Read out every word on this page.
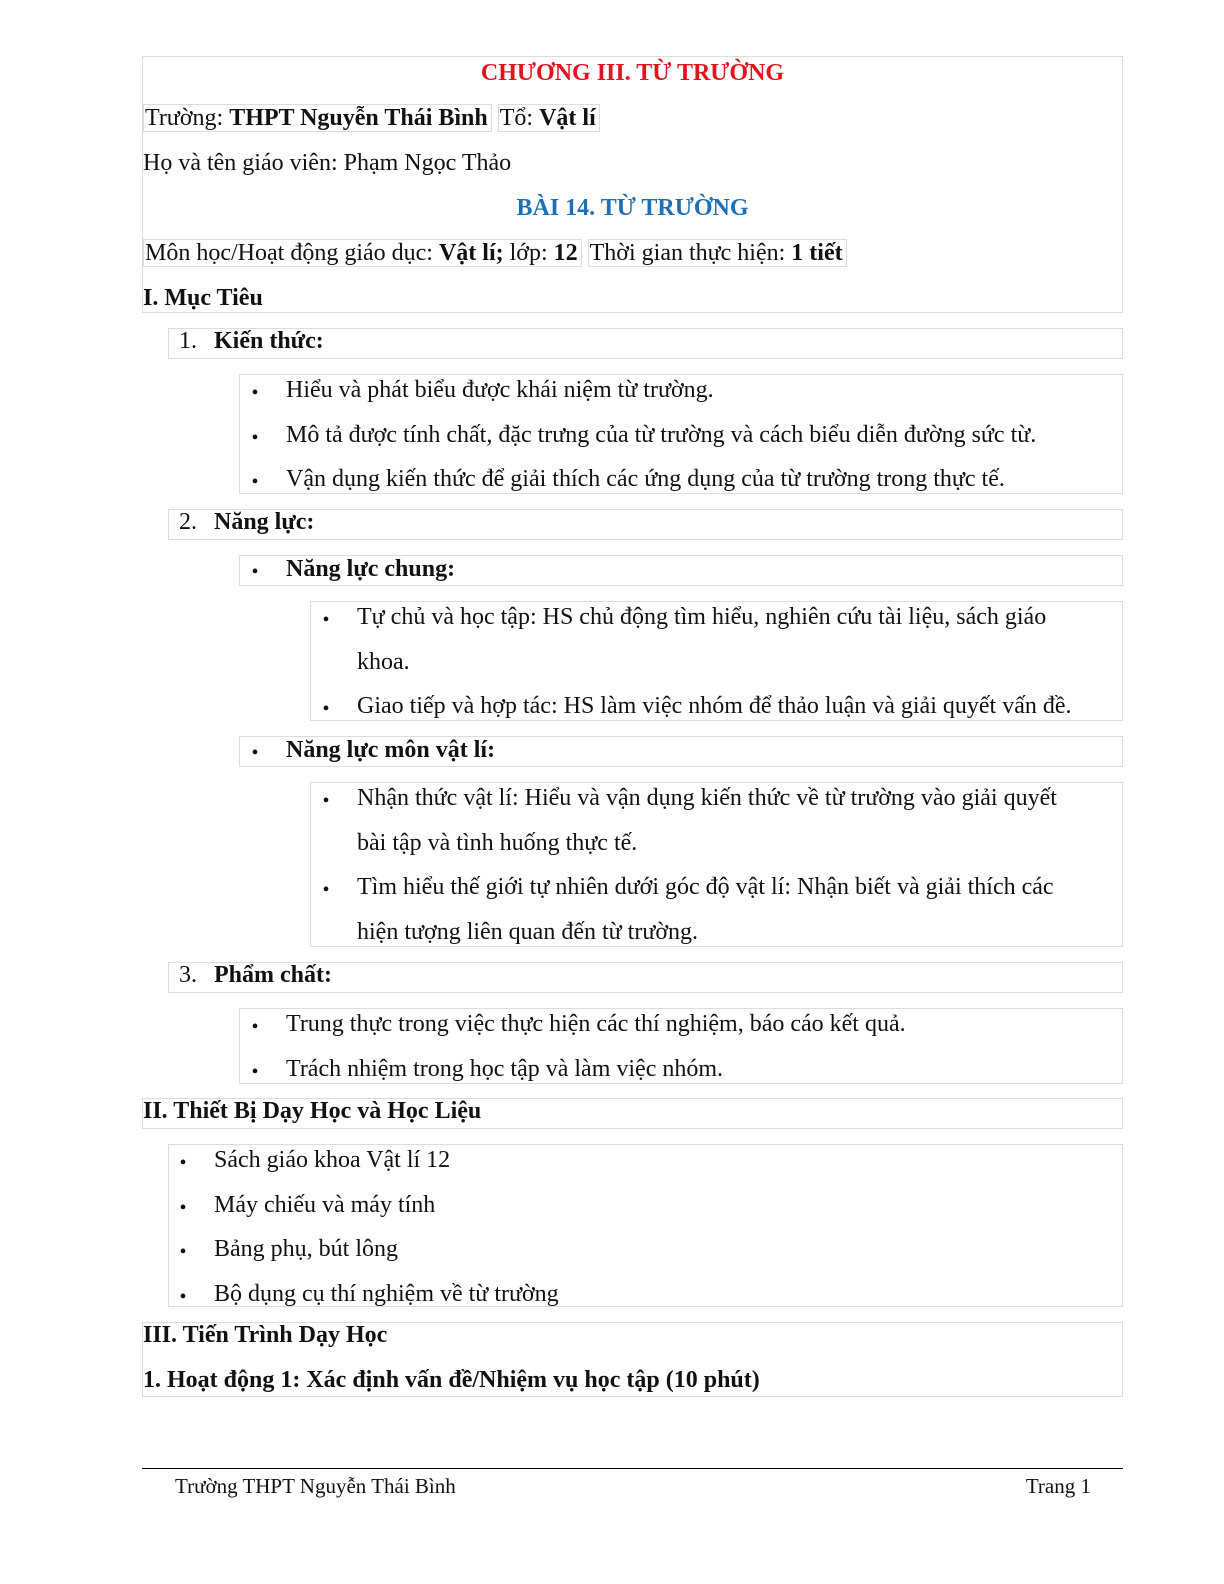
CHƯƠNG III. TỪ TRƯỜNG
Trường: THPT Nguyễn Thái Bình Tổ: Vật lí
Họ và tên giáo viên: Phạm Ngọc Thảo
BÀI 14. TỪ TRƯỜNG
Môn học/Hoạt động giáo dục: Vật lí; lớp: 12 Thời gian thực hiện: 1 tiết
I. Mục Tiêu
1. Kiến thức:
•
Hiểu và phát biểu được khái niệm từ trường.
•
Mô tả được tính chất, đặc trưng của từ trường và cách biểu diễn đường sức từ.
•
Vận dụng kiến thức để giải thích các ứng dụng của từ trường trong thực tế.
2. Năng lực:
•
Năng lực chung:
•
Tự chủ và học tập: HS chủ động tìm hiểu, nghiên cứu tài liệu, sách giáo
khoa.
•
Giao tiếp và hợp tác: HS làm việc nhóm để thảo luận và giải quyết vấn đề.
•
Năng lực môn vật lí:
•
Nhận thức vật lí: Hiểu và vận dụng kiến thức về từ trường vào giải quyết
bài tập và tình huống thực tế.
•
Tìm hiểu thế giới tự nhiên dưới góc độ vật lí: Nhận biết và giải thích các
hiện tượng liên quan đến từ trường.
3. Phẩm chất:
•
Trung thực trong việc thực hiện các thí nghiệm, báo cáo kết quả.
•
Trách nhiệm trong học tập và làm việc nhóm.
II. Thiết Bị Dạy Học và Học Liệu
•
Sách giáo khoa Vật lí 12
•
Máy chiếu và máy tính
•
Bảng phụ, bút lông
•
Bộ dụng cụ thí nghiệm về từ trường
III. Tiến Trình Dạy Học
1. Hoạt động 1: Xác định vấn đề/Nhiệm vụ học tập (10 phút)
Trường THPT Nguyễn Thái Bình	Trang 1
